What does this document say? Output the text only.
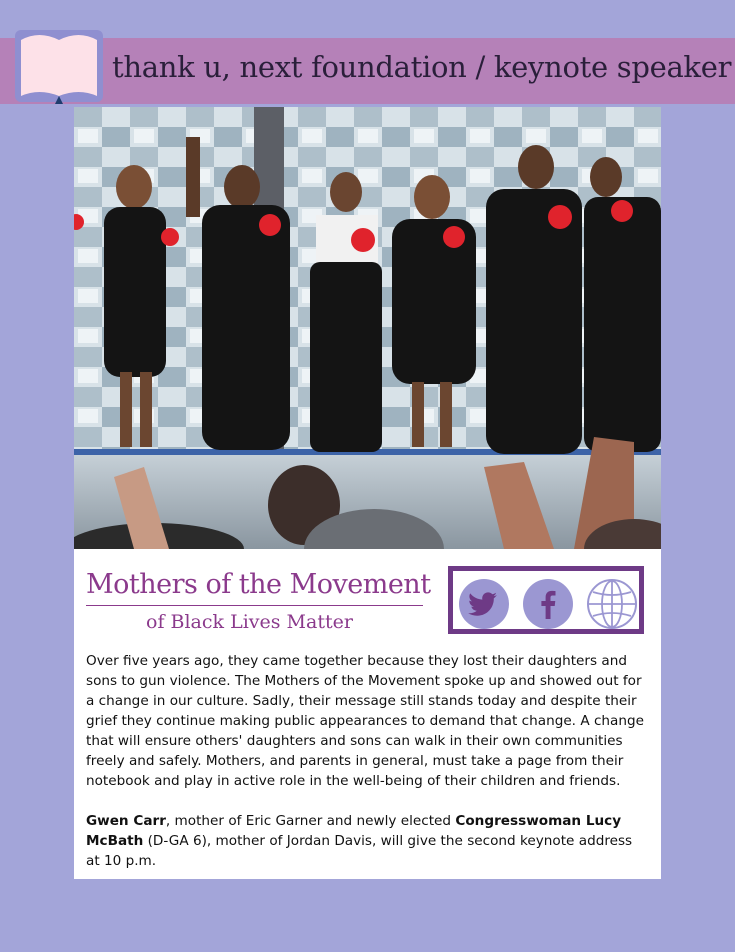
thank u, next foundation / keynote speaker
Mothers of the Movement
of Black Lives Matter

Over five years ago, they came together because they lost their daughters and sons to gun violence. The Mothers of the Movement spoke up and showed out for a change in our culture. Sadly, their message still stands today and despite their grief they continue making public appearances to demand that change. A change that will ensure others' daughters and sons can walk in their own communities freely and safely. Mothers, and parents in general, must take a page from their notebook and play in active role in the well-being of their children and friends.

Gwen Carr, mother of Eric Garner and newly elected Congresswoman Lucy McBath (D-GA 6), mother of Jordan Davis, will give the second keynote address at 10 p.m.
